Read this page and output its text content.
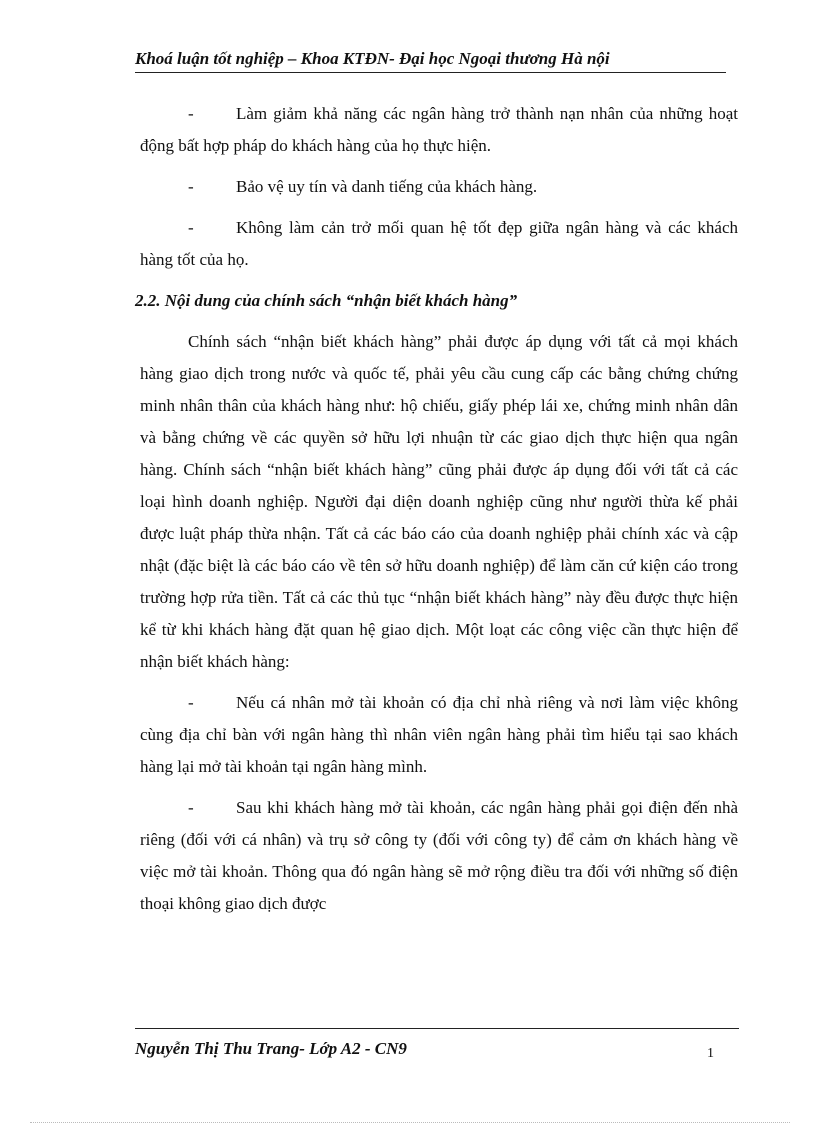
Khoá luận tốt nghiệp – Khoa KTĐN- Đại học Ngoại thương Hà nội

- Làm giảm khả năng các ngân hàng trở thành nạn nhân của những hoạt động bất hợp pháp do khách hàng của họ thực hiện.

- Bảo vệ uy tín và danh tiếng của khách hàng.

- Không làm cản trở mối quan hệ tốt đẹp giữa ngân hàng và các khách hàng tốt của họ.

2.2. Nội dung của chính sách “nhận biết khách hàng”

Chính sách “nhận biết khách hàng” phải được áp dụng với tất cả mọi khách hàng giao dịch trong nước và quốc tế, phải yêu cầu cung cấp các bằng chứng chứng minh nhân thân của khách hàng như: hộ chiếu, giấy phép lái xe, chứng minh nhân dân và bằng chứng về các quyền sở hữu lợi nhuận từ các giao dịch thực hiện qua ngân hàng. Chính sách “nhận biết khách hàng” cũng phải được áp dụng đối với tất cả các loại hình doanh nghiệp. Người đại diện doanh nghiệp cũng như người thừa kế phải được luật pháp thừa nhận. Tất cả các báo cáo của doanh nghiệp phải chính xác và cập nhật (đặc biệt là các báo cáo về tên sở hữu doanh nghiệp) để làm căn cứ kiện cáo trong trường hợp rửa tiền. Tất cả các thủ tục “nhận biết khách hàng” này đều được thực hiện kể từ khi khách hàng đặt quan hệ giao dịch. Một loạt các công việc cần thực hiện để nhận biết khách hàng:

- Nếu cá nhân mở tài khoản có địa chỉ nhà riêng và nơi làm việc không cùng địa chỉ bàn với ngân hàng thì nhân viên ngân hàng phải tìm hiểu tại sao khách hàng lại mở tài khoản tại ngân hàng mình.

- Sau khi khách hàng mở tài khoản, các ngân hàng phải gọi điện đến nhà riêng (đối với cá nhân) và trụ sở công ty (đối với công ty) để cảm ơn khách hàng về việc mở tài khoản. Thông qua đó ngân hàng sẽ mở rộng điều tra đối với những số điện thoại không giao dịch được

Nguyễn Thị Thu Trang- Lớp A2 - CN9	1
